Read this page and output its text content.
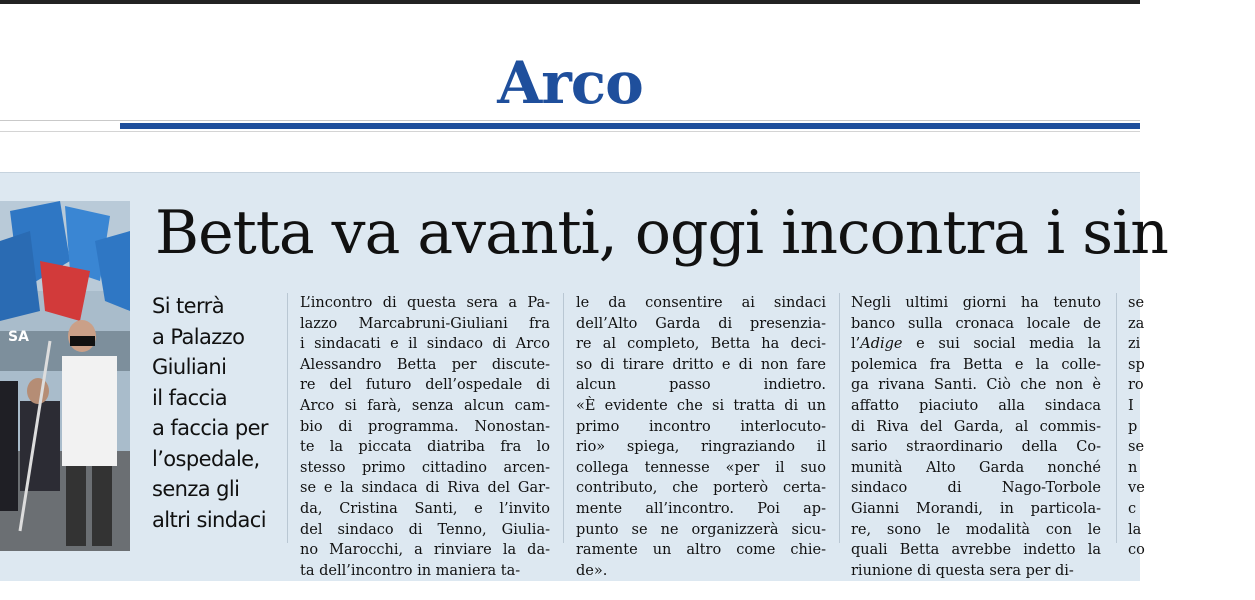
Arco
SA
Betta va avanti, oggi incontra i sin
Si terrà
a Palazzo
Giuliani
il faccia
a faccia per
l’ospedale,
senza gli
altri sindaci
L’incontro di questa sera a Pa-
lazzo Marcabruni-Giuliani fra
i sindacati e il sindaco di Arco
Alessandro Betta per discute-
re del futuro dell’ospedale di
Arco si farà, senza alcun cam-
bio di programma. Nonostan-
te la piccata diatriba fra lo
stesso primo cittadino arcen-
se e la sindaca di Riva del Gar-
da, Cristina Santi, e l’invito
del sindaco di Tenno, Giulia-
no Marocchi, a rinviare la da-
ta dell’incontro in maniera ta-
le da consentire ai sindaci
dell’Alto Garda di presenzia-
re al completo, Betta ha deci-
so di tirare dritto e di non fare
alcun passo indietro.
«È evidente che si tratta di un
primo incontro interlocuto-
rio» spiega, ringraziando il
collega tennesse «per il suo
contributo, che porterò certa-
mente all’incontro. Poi ap-
punto se ne organizzerà sicu-
ramente un altro come chie-
de».
Negli ultimi giorni ha tenuto
banco sulla cronaca locale de
l’Adige e sui social media la
polemica fra Betta e la colle-
ga rivana Santi. Ciò che non è
affatto piaciuto alla sindaca
di Riva del Garda, al commis-
sario straordinario della Co-
munità Alto Garda nonché
sindaco di Nago-Torbole
Gianni Morandi, in particola-
re, sono le modalità con le
quali Betta avrebbe indetto la
riunione di questa sera per di-
se
za
zi
sp
ro
I
p
se
n
ve
c
la
co
